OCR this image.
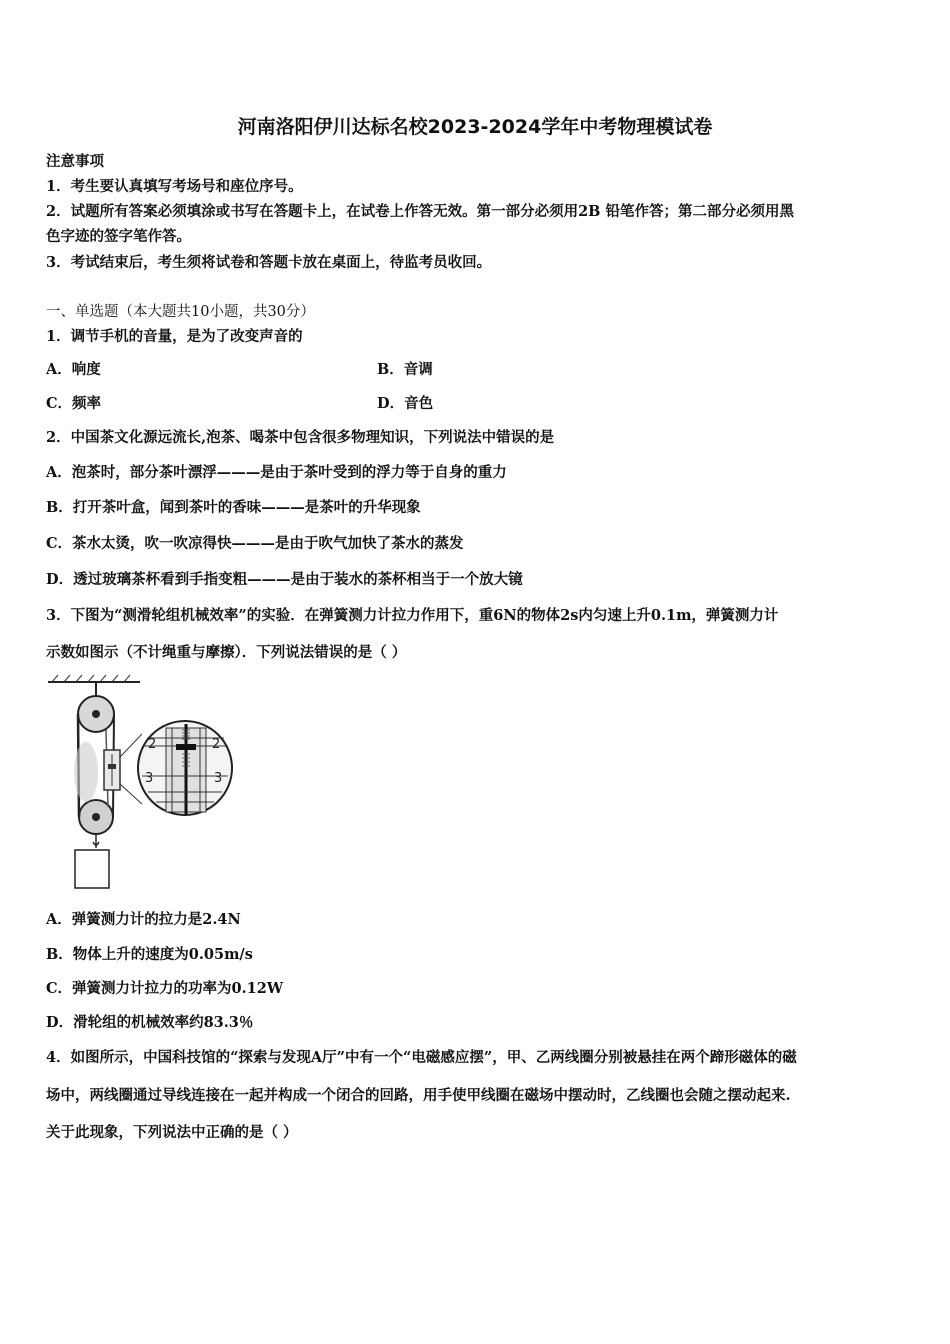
河南洛阳伊川达标名校2023-2024学年中考物理模试卷
注意事项
1．考生要认真填写考场号和座位序号。
2．试题所有答案必须填涂或书写在答题卡上，在试卷上作答无效。第一部分必须用2B 铅笔作答；第二部分必须用黑
色字迹的签字笔作答。
3．考试结束后，考生须将试卷和答题卡放在桌面上，待监考员收回。
一、单选题（本大题共10小题，共30分）
1．调节手机的音量，是为了改变声音的
A．响度	B．音调
C．频率	D．音色
2．中国茶文化源远流长,泡茶、喝茶中包含很多物理知识，下列说法中错误的是
A．泡茶时，部分茶叶漂浮———是由于茶叶受到的浮力等于自身的重力
B．打开茶叶盒，闻到茶叶的香味———是茶叶的升华现象
C．茶水太烫，吹一吹凉得快———是由于吹气加快了茶水的蒸发
D．透过玻璃茶杯看到手指变粗———是由于装水的茶杯相当于一个放大镜
3．下图为“测滑轮组机械效率”的实验．在弹簧测力计拉力作用下，重6N的物体2s内匀速上升0.1m，弹簧测力计
示数如图示（不计绳重与摩擦）．下列说法错误的是（ ）
2	2
3	3
A．弹簧测力计的拉力是2.4N
B．物体上升的速度为0.05m/s
C．弹簧测力计拉力的功率为0.12W
D．滑轮组的机械效率约83.3％
4．如图所示，中国科技馆的“探索与发现A厅”中有一个“电磁感应摆”，甲、乙两线圈分别被悬挂在两个蹄形磁体的磁
场中，两线圈通过导线连接在一起并构成一个闭合的回路，用手使甲线圈在磁场中摆动时，乙线圈也会随之摆动起来.
关于此现象，下列说法中正确的是（ ）
